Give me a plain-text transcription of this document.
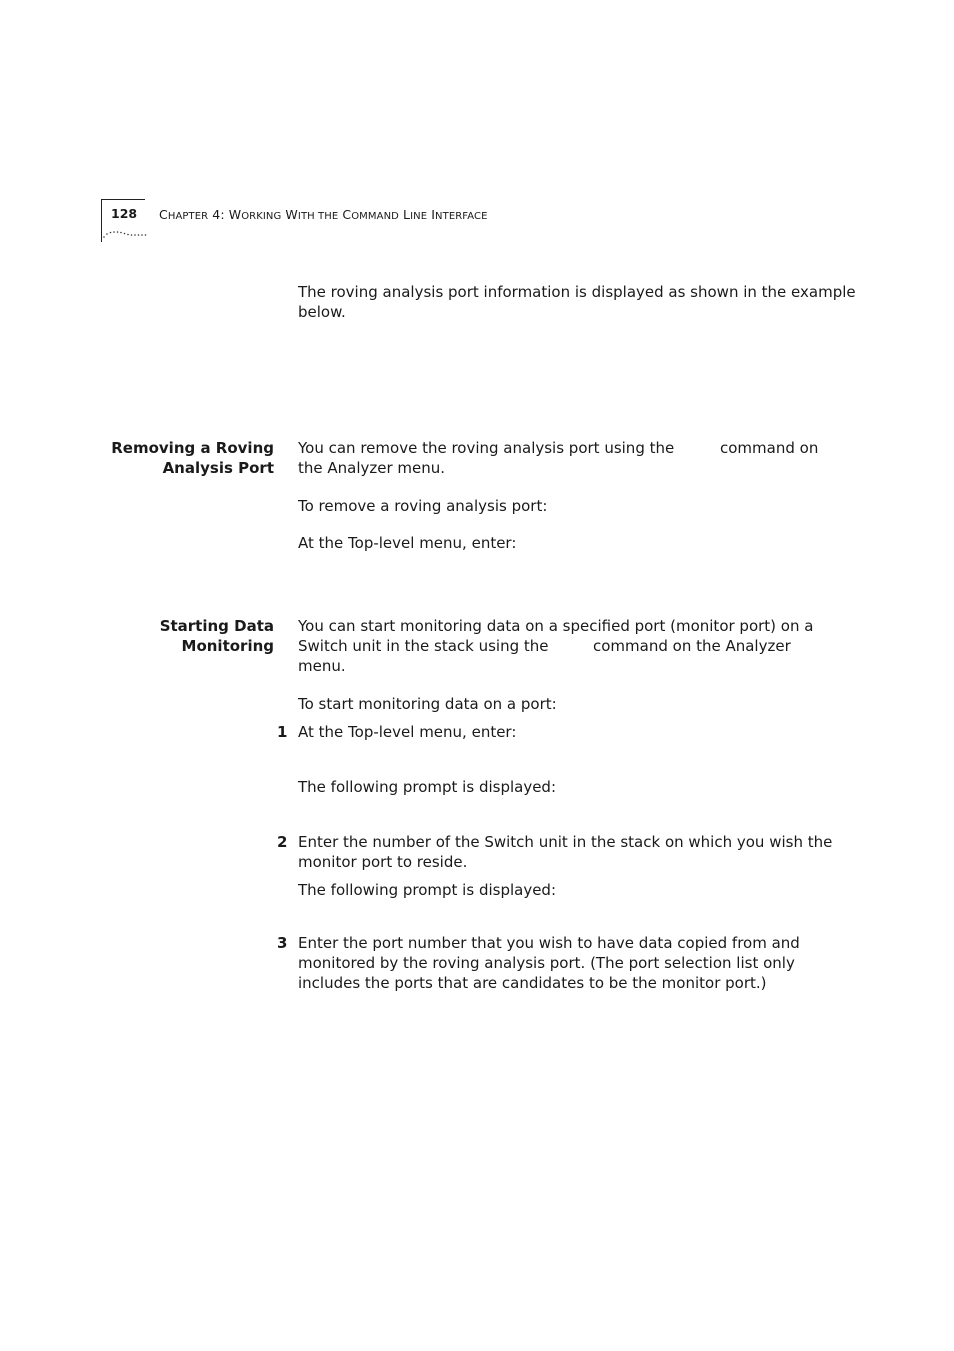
128 CHAPTER 4: WORKING WITH THE COMMAND LINE INTERFACE
The roving analysis port information is displayed as shown in the example
below.
Removing a Roving
Analysis Port
You can remove the roving analysis port using the	command on
the Analyzer menu.
To remove a roving analysis port:
At the Top-level menu, enter:
Starting Data
Monitoring
You can start monitoring data on a specified port (monitor port) on a
Switch unit in the stack using the	command on the Analyzer
menu.
To start monitoring data on a port:
1 At the Top-level menu, enter:
The following prompt is displayed:
2 Enter the number of the Switch unit in the stack on which you wish the
monitor port to reside.
The following prompt is displayed:
3 Enter the port number that you wish to have data copied from and
monitored by the roving analysis port. (The port selection list only
includes the ports that are candidates to be the monitor port.)
